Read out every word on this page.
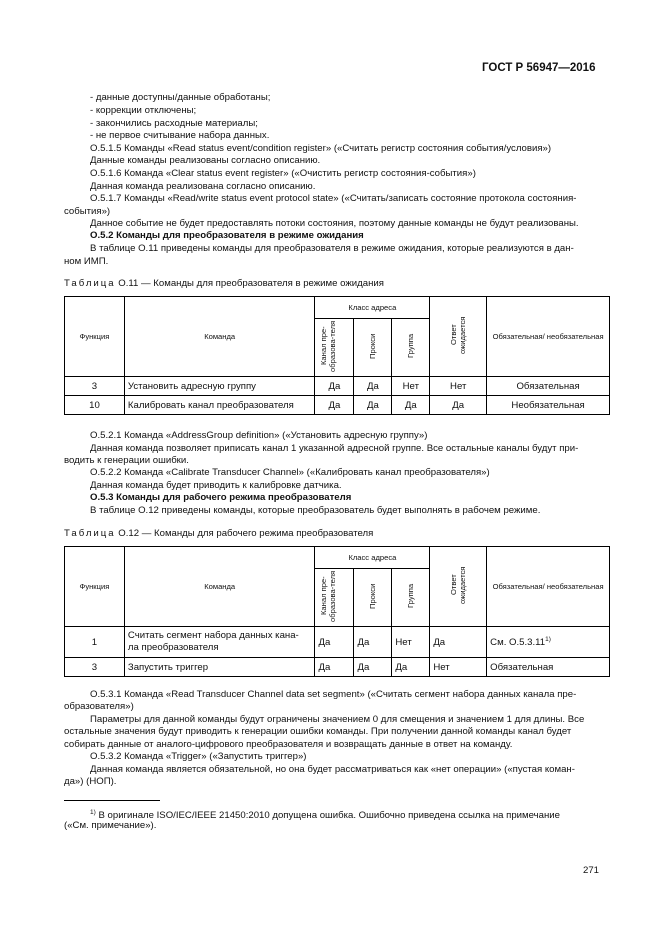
ГОСТ Р 56947—2016
- данные доступны/данные обработаны;
- коррекции отключены;
- закончились расходные материалы;
- не первое считывание набора данных.
O.5.1.5 Команды «Read status event/condition register» («Считать регистр состояния события/условия»)
Данные команды реализованы согласно описанию.
O.5.1.6 Команда «Clear status event register» («Очистить регистр состояния-события»)
Данная команда реализована согласно описанию.
O.5.1.7 Команды «Read/write status event protocol state» («Считать/записать состояние протокола состояния-
события»)
Данное событие не будет предоставлять потоки состояния, поэтому данные команды не будут реализованы.
O.5.2 Команды для преобразователя в режиме ожидания
В таблице O.11 приведены команды для преобразователя в режиме ожидания, которые реализуются в дан-
ном ИМП.
Таблица O.11 — Команды для преобразователя в режиме ожидания
Функция	Команда	Класс адреса			Ответ ожидается	Обязательная/ необязательная
		Канал пре-образова-теля	Прокси	Группа		
3	Установить адресную группу	Да	Да	Нет	Нет	Обязательная
10	Калибровать канал преобразователя	Да	Да	Да	Да	Необязательная
O.5.2.1 Команда «AddressGroup definition» («Установить адресную группу»)
Данная команда позволяет приписать канал 1 указанной адресной группе. Все остальные каналы будут при-
водить к генерации ошибки.
O.5.2.2 Команда «Calibrate Transducer Channel» («Калибровать канал преобразователя»)
Данная команда будет приводить к калибровке датчика.
O.5.3 Команды для рабочего режима преобразователя
В таблице O.12 приведены команды, которые преобразователь будет выполнять в рабочем режиме.
Таблица O.12 — Команды для рабочего режима преобразователя
Функция	Команда	Класс адреса			Ответ ожидается	Обязательная/ необязательная
		Канал пре-образова-теля	Прокси	Группа		
1	Считать сегмент набора данных кана-
ла преобразователя	Да	Да	Нет	Да	См. O.5.3.11$^{1)}$
3	Запустить триггер	Да	Да	Да	Нет	Обязательная
O.5.3.1 Команда «Read Transducer Channel data set segment» («Считать сегмент набора данных канала пре-
образователя»)
Параметры для данной команды будут ограничены значением 0 для смещения и значением 1 для длины. Все
остальные значения будут приводить к генерации ошибки команды. При получении данной команды канал будет
собирать данные от аналого-цифрового преобразователя и возвращать данные в ответ на команду.
O.5.3.2 Команда «Trigger» («Запустить триггер»)
Данная команда является обязательной, но она будет рассматриваться как «нет операции» («пустая коман-
да») (НОП).
$^{1)}$ В оригинале ISO/IEC/IEEE 21450:2010 допущена ошибка. Ошибочно приведена ссылка на примечание
(«См. примечание»).
271
